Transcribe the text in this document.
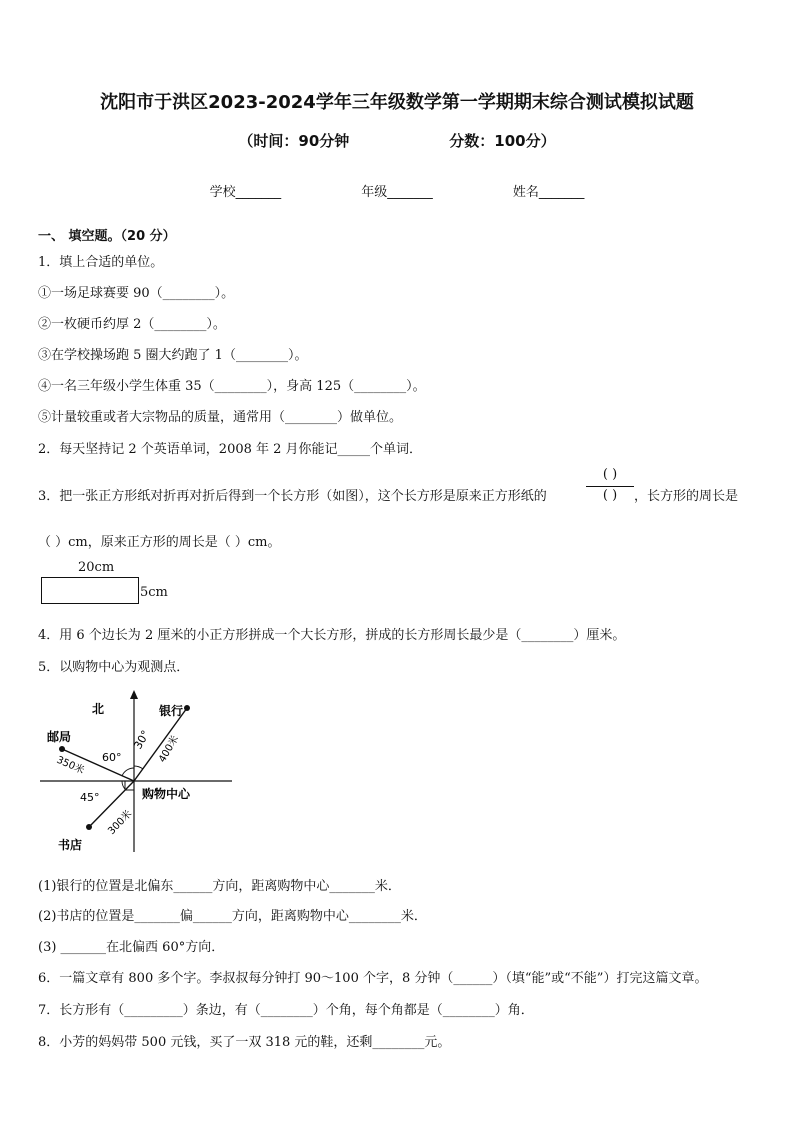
沈阳市于洪区2023-2024学年三年级数学第一学期期末综合测试模拟试题
（时间：90分钟	分数：100分）
学校_______	年级_______	姓名_______
一、 填空题。（20 分）
1．填上合适的单位。
①一场足球赛要 90（________）。
②一枚硬币约厚 2（________）。
③在学校操场跑 5 圈大约跑了 1（________）。
④一名三年级小学生体重 35（________），身高 125（________）。
⑤计量较重或者大宗物品的质量，通常用（________）做单位。
2．每天坚持记 2 个英语单词，2008 年 2 月你能记_____个单词．
3．把一张正方形纸对折再对折后得到一个长方形（如图），这个长方形是原来正方形纸的
( )
( )	，长方形的周长是
（ ）cm，原来正方形的周长是（ ）cm。
20cm
5cm
4．用 6 个边长为 2 厘米的小正方形拼成一个大长方形，拼成的长方形周长最少是（________）厘米。
5．以购物中心为观测点．
北	银行
邮局
书店
购物中心
60°
30°
45°
400米
350米
300米
(1)银行的位置是北偏东______方向，距离购物中心_______米．
(2)书店的位置是_______偏______方向，距离购物中心________米．
(3) _______在北偏西 60°方向．
6．一篇文章有 800 多个字。李叔叔每分钟打 90～100 个字，8 分钟（______）（填“能”或“不能”）打完这篇文章。
7．长方形有（_________）条边，有（________）个角，每个角都是（________）角．
8．小芳的妈妈带 500 元钱，买了一双 318 元的鞋，还剩________元。
